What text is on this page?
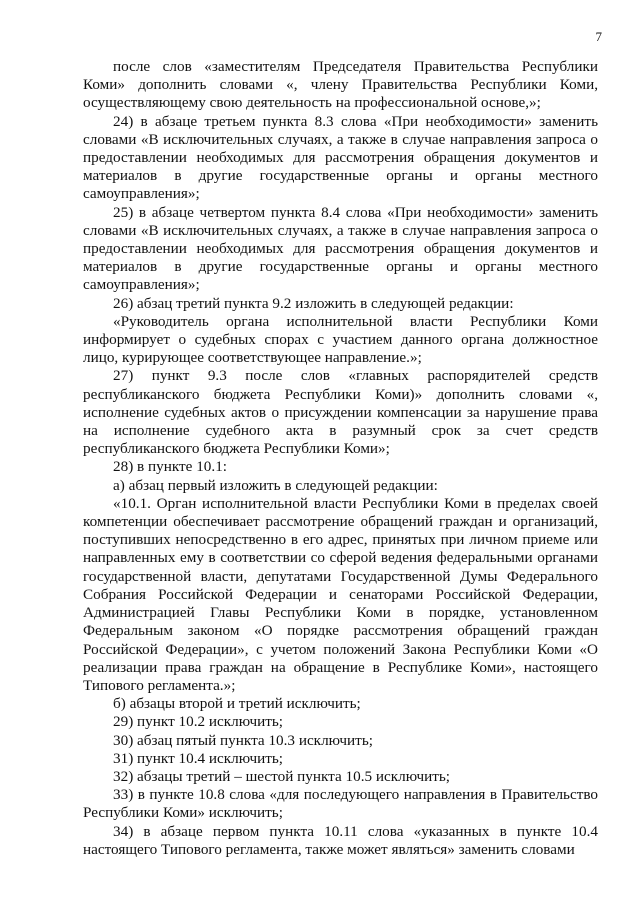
7

после слов «заместителям Председателя Правительства Республики Коми» дополнить словами «, члену Правительства Республики Коми, осуществляющему свою деятельность на профессиональной основе,»;

24) в абзаце третьем пункта 8.3 слова «При необходимости» заменить словами «В исключительных случаях, а также в случае направления запроса о предоставлении необходимых для рассмотрения обращения документов и материалов в другие государственные органы и органы местного самоуправления»;

25) в абзаце четвертом пункта 8.4 слова «При необходимости» заменить словами «В исключительных случаях, а также в случае направления запроса о предоставлении необходимых для рассмотрения обращения документов и материалов в другие государственные органы и органы местного самоуправления»;

26) абзац третий пункта 9.2 изложить в следующей редакции:

«Руководитель органа исполнительной власти Республики Коми информирует о судебных спорах с участием данного органа должностное лицо, курирующее соответствующее направление.»;

27) пункт 9.3 после слов «главных распорядителей средств республиканского бюджета Республики Коми)» дополнить словами «, исполнение судебных актов о присуждении компенсации за нарушение права на исполнение судебного акта в разумный срок за счет средств республиканского бюджета Республики Коми»;

28) в пункте 10.1:

а) абзац первый изложить в следующей редакции:

«10.1. Орган исполнительной власти Республики Коми в пределах своей компетенции обеспечивает рассмотрение обращений граждан и организаций, поступивших непосредственно в его адрес, принятых при личном приеме или направленных ему в соответствии со сферой ведения федеральными органами государственной власти, депутатами Государственной Думы Федерального Собрания Российской Федерации и сенаторами Российской Федерации, Администрацией Главы Республики Коми в порядке, установленном Федеральным законом «О порядке рассмотрения обращений граждан Российской Федерации», с учетом положений Закона Республики Коми «О реализации права граждан на обращение в Республике Коми», настоящего Типового регламента.»;

б) абзацы второй и третий исключить;

29) пункт 10.2 исключить;

30) абзац пятый пункта 10.3 исключить;

31) пункт 10.4 исключить;

32) абзацы третий – шестой пункта 10.5 исключить;

33) в пункте 10.8 слова «для последующего направления в Правительство Республики Коми» исключить;

34) в абзаце первом пункта 10.11 слова «указанных в пункте 10.4 настоящего Типового регламента, также может являться» заменить словами
